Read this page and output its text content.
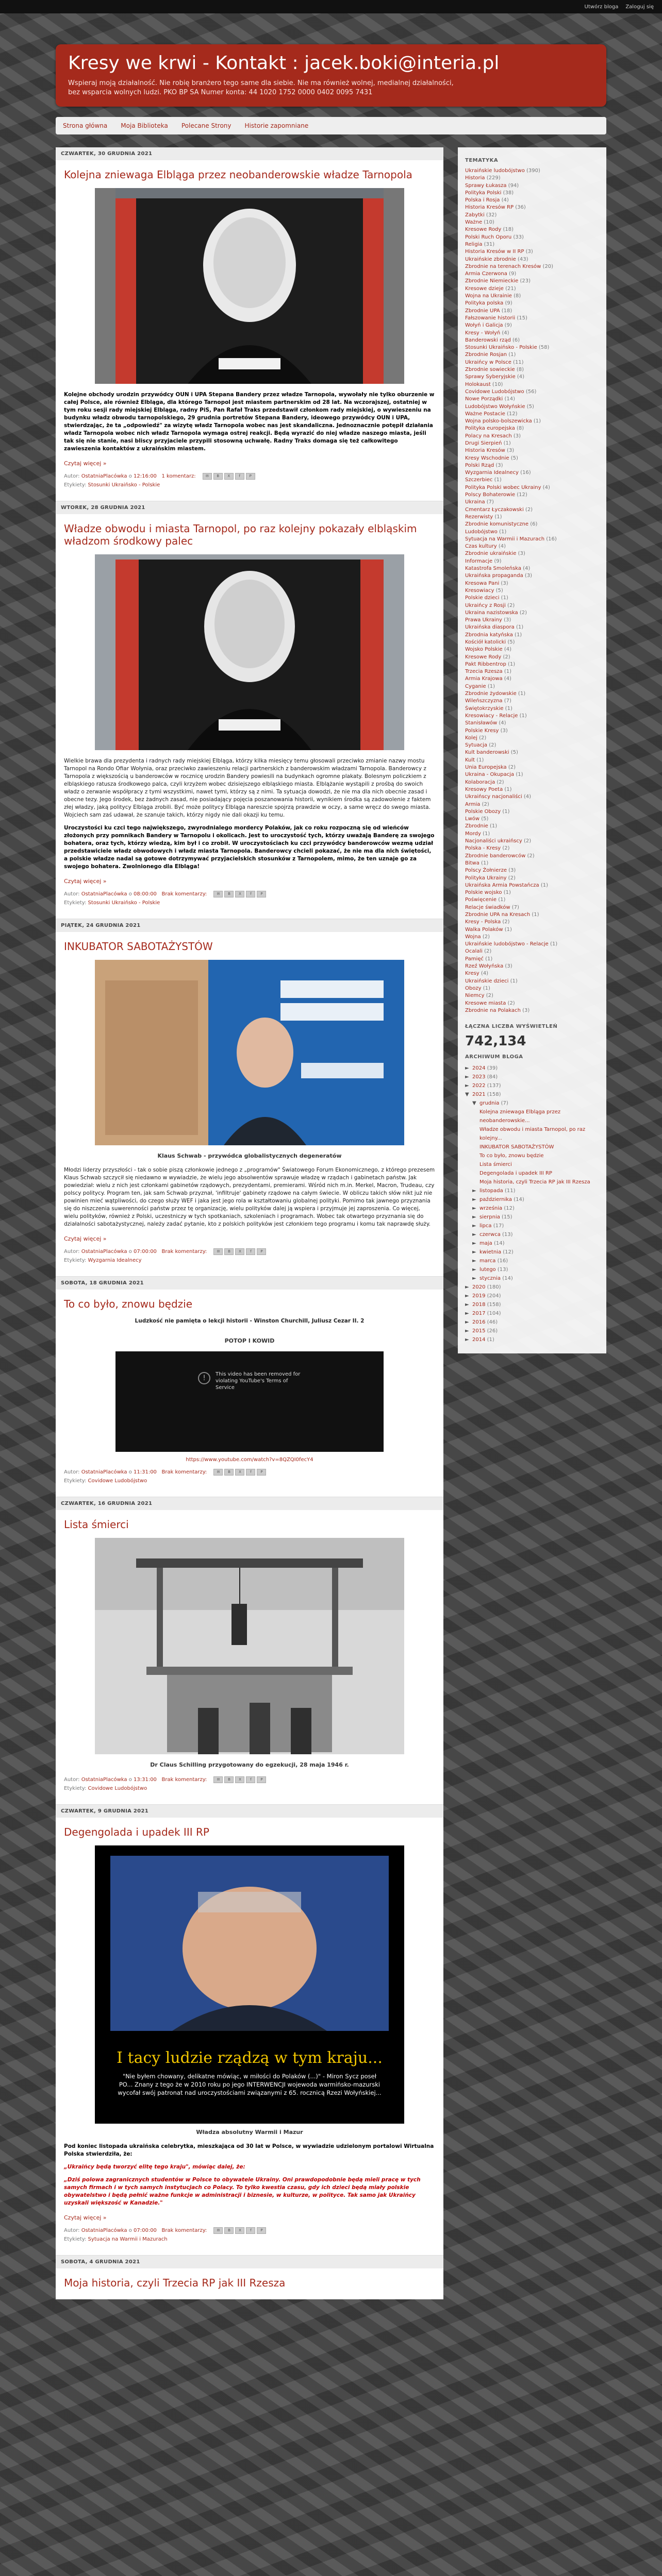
Utwórz bloga Zaloguj się
Kresy we krwi - Kontakt : jacek.boki@interia.pl

Wspieraj moją działalność. Nie robię branżero tego same dla siebie. Nie ma również wolnej, medialnej działalności,

bez wsparcia wolnych ludzi. PKO BP SA Numer konta: 44 1020 1752 0000 0402 0095 7431

Strona główna Moja Biblioteka Polecane Strony Historie zapomniane
CZWARTEK, 30 GRUDNIA 2021
Kolejna zniewaga Elbląga przez neobanderowskie władze Tarnopola
Kolejne obchody urodzin przywódcy OUN i UPA Stepana Bandery przez władze Tarnopola, wywołały nie tylko oburzenie w całej Polsce, ale również Elbląga, dla którego Tarnopol jest miastem partnerskim od 28 lat. Na wczorajszej, ostatniej w tym roku sesji rady miejskiej Elbląga, radny PiS, Pan Rafał Traks przedstawił członkom rady miejskiej, o wywieszeniu na budynku władz obwodu tarnopolskiego, 29 grudnia portretów Stepana Bandery, ideowego przywódcy OUN i UPA, stwierdzając, że ta „odpowiedź" za wizytę władz Tarnopola wobec nas jest skandaliczna. Jednoznacznie potępił działania władz Tarnopola wobec nich władz Tarnopola wymaga ostrej reakcji. Będą wyrazić do niej władze naszego miasta, jeśli tak się nie stanie, nasi bliscy przyjaciele przypili stosowną uchwałę. Radny Traks domaga się też całkowitego zawieszenia kontaktów z ukraińskim miastem.
Czytaj więcej »
Autor: OstatniaPlacówka o 12:16:00 1 komentarz:	✉	B	X	f	P
Etykiety: Stosunki Ukraińsko - Polskie
WTOREK, 28 GRUDNIA 2021
Władze obwodu i miasta Tarnopol, po raz kolejny pokazały elbląskim władzom środkowy palec

Wielkie brawa dla prezydenta i radnych rady miejskiej Elbląga, którzy kilka miesięcy temu głosowali przeciwko zmianie nazwy mostu Tarnopol na Rondo Ofiar Wołynia, oraz przeciwko zawieszeniu relacji partnerskich z banderowskim władzami Tarnopola. Banderowcy z Tarnopola z większością u banderowców w rocznicę urodzin Bandery powiesili na budynkach ogromne plakaty. Bolesnym policzkiem z elbląskiego ratusza środkowego palca, czyli krzyżem wobec dzisiejszego elbląskiego miasta. Elblążanie wystąpili z prośbą do swoich władz o zerwanie współpracy z tymi wszystkimi, nawet tymi, którzy są z nimi. Ta sytuacja dowodzi, że nie ma dla nich obecnie zasad i obecne tezy. Jego środek, bez żadnych zasad, nie posiadający pojęcia poszanowania historii, wynikiem środka są zadowolenie z faktem złej władzy, jaką politycy Elbląga zrobili. Być może politycy Elbląga nareszcie spojrzą prawdzie w oczy, a same wręcz do swego miasta. Wojciech sam zaś udawał, że szanuje takich, którzy nigdy nie dali okazji ku temu.

Uroczystości ku czci tego największego, zwyrodnialego mordercy Polaków, jak co roku rozpoczną się od wieńców złożonych przy pomnikach Bandery w Tarnopolu i okolicach. Jest to uroczystość tych, którzy uważają Banderę za swojego bohatera, oraz tych, którzy wiedzą, kim był i co zrobił. W uroczystościach ku czci przywódcy banderowców wezmą udział przedstawiciele władz obwodowych i władz miasta Tarnopola. Banderowcy chcieli pokazać, że nie ma dla nich świętości, a polskie władze nadal są gotowe dotrzymywać przyjacielskich stosunków z Tarnopolem, mimo, że ten uznaje go za swojego bohatera. Zwolnionego dla Elbląga!

Czytaj więcej »
Autor: OstatniaPlacówka o 08:00:00 Brak komentarzy:	✉	B	X	f	P
Etykiety: Stosunki Ukraińsko - Polskie
PIĄTEK, 24 GRUDNIA 2021
INKUBATOR SABOTAŻYSTÓW
Klaus Schwab - przywódca globalistycznych degeneratów
Młodzi liderzy przyszłości - tak o sobie piszą członkowie jednego z „programów" Światowego Forum Ekonomicznego, z którego prezesem Klaus Schwab szczycił się niedawno w wywiadzie, że wielu jego absolwentów sprawuje władzę w rządach i gabinetach państw. Jak powiedział: wielu z nich jest członkami gabinetów rządowych, prezydentami, premierami. Wśród nich m.in. Merkel, Macron, Trudeau, czy polscy politycy. Program ten, jak sam Schwab przyznał, 'infiltruje' gabinety rządowe na całym świecie. W obliczu takich słów nikt już nie powinien mieć wątpliwości, do czego służy WEF i jaka jest jego rola w kształtowaniu globalnej polityki. Pomimo tak jawnego przyznania się do niszczenia suwerenności państw przez tę organizację, wielu polityków dalej ją wspiera i przyjmuje jej zaproszenia. Co więcej, wielu polityków, również z Polski, uczestniczy w tych spotkaniach, szkoleniach i programach. Wobec tak otwartego przyznania się do działalności sabotażystycznej, należy zadać pytanie, kto z polskich polityków jest członkiem tego programu i komu tak naprawdę służy.
Czytaj więcej »
Autor: OstatniaPlacówka o 07:00:00 Brak komentarzy:	✉	B	X	f	P
Etykiety: Wyzgarnia Idealnecy
SOBOTA, 18 GRUDNIA 2021
To co było, znowu będzie
Ludzkość nie pamięta o lekcji historii - Winston Churchill, Juliusz Cezar II. 2
POTOP I KOWID
!	This video has been removed for
violating YouTube's Terms of
Service
https://www.youtube.com/watch?v=8QZQI0fecY4
Autor: OstatniaPlacówka o 11:31:00 Brak komentarzy:	✉	B	X	f	P
Etykiety: Covidowe Ludobójstwo
CZWARTEK, 16 GRUDNIA 2021
Lista śmierci
Dr Claus Schilling przygotowany do egzekucji, 28 maja 1946 r.
Autor: OstatniaPlacówka o 13:31:00 Brak komentarzy:	✉	B	X	f	P
Etykiety: Covidowe Ludobójstwo
CZWARTEK, 9 GRUDNIA 2021
Degengolada i upadek III RP
I tacy ludzie rządzą w tym kraju...
"Nie byłem chowany, delikatne mówiąc, w miłości do Polaków (...)" - Miron Sycz poseł PO... Znany z tego że w 2010 roku po jego INTERWENCJI wojewoda warmińsko-mazurski wycofał swój patronat nad uroczystościami związanymi z 65. rocznicą Rzezi Wołyńskiej...
Władza absolutny Warmii i Mazur

Pod koniec listopada ukraińska celebrytka, mieszkająca od 30 lat w Polsce, w wywiadzie udzielonym portalowi Wirtualna Polska stwierdziła, że:

„Ukraińcy będą tworzyć elitę tego kraju", mówiąc dalej, że:

„Dziś polowa zagranicznych studentów w Polsce to obywatele Ukrainy. Oni prawdopodobnie będą mieli pracę w tych samych firmach i w tych samych instytucjach co Polacy. To tylko kwestia czasu, gdy ich dzieci będą miały polskie obywatelstwo i będą pełnić ważne funkcje w administracji i biznesie, w kulturze, w polityce. Tak samo jak Ukraińcy uzyskali większość w Kanadzie."

Czytaj więcej »
Autor: OstatniaPlacówka o 07:00:00 Brak komentarzy:	✉	B	X	f	P
Etykiety: Sytuacja na Warmii i Mazurach
SOBOTA, 4 GRUDNIA 2021
Moja historia, czyli Trzecia RP jak III Rzesza
TEMATYKA
Ukraińskie ludobójstwo (390)
Historia (229)
Sprawy Łukasza (94)
Polityka Polski (38)
Polska i Rosja (4)
Historia Kresów RP (36)
Zabytki (32)
Ważne (10)
Kresowe Rody (18)
Polski Ruch Oporu (33)
Religia (31)
Historia Kresów w II RP (3)
Ukraińskie zbrodnie (43)
Zbrodnie na terenach Kresów (20)
Armia Czerwona (9)
Zbrodnie Niemieckie (23)
Kresowe dzieje (21)
Wojna na Ukrainie (8)
Polityka polska (9)
Zbrodnie UPA (18)
Fałszowanie historii (15)
Wołyń i Galicja (9)
Kresy - Wołyń (4)
Banderowski rząd (6)
Stosunki Ukraińsko - Polskie (58)
Zbrodnie Rosjan (1)
Ukraińcy w Polsce (11)
Zbrodnie sowieckie (8)
Sprawy Syberyjskie (4)
Holokaust (10)
Covidowe Ludobójstwo (56)
Nowe Porządki (14)
Ludobójstwo Wołyńskie (5)
Ważne Postacie (12)
Wojna polsko-bolszewicka (1)
Polityka europejska (8)
Polacy na Kresach (3)
Drugi Sierpień (1)
Historia Kresów (3)
Kresy Wschodnie (5)
Polski Rząd (3)
Wyzgarnia Idealnecy (16)
Szczerbiec (1)
Polityka Polski wobec Ukrainy (4)
Polscy Bohaterowie (12)
Ukraina (7)
Cmentarz Łyczakowski (2)
Rezerwisty (1)
Zbrodnie komunistyczne (6)
Ludobójstwo (1)
Sytuacja na Warmii i Mazurach (16)
Czas kultury (4)
Zbrodnie ukraińskie (3)
Informacje (9)
Katastrofa Smoleńska (4)
Ukraińska propaganda (3)
Kresowa Pani (3)
Kresowiacy (5)
Polskie dzieci (1)
Ukraińcy z Rosji (2)
Ukraina nazistowska (2)
Prawa Ukrainy (3)
Ukraińska diaspora (1)
Zbrodnia katyńska (1)
Kościół katolicki (5)
Wojsko Polskie (4)
Kresowe Rody (2)
Pakt Ribbentrop (1)
Trzecia Rzesza (1)
Armia Krajowa (4)
Cyganie (1)
Zbrodnie żydowskie (1)
Wileńszczyzna (7)
Świętokrzyskie (1)
Kresowiacy - Relacje (1)
Stanisławów (4)
Polskie Kresy (3)
Kolej (2)
Sytuacja (2)
Kult banderowski (5)
Kult (1)
Unia Europejska (2)
Ukraina - Okupacja (1)
Kolaboracja (2)
Kresowy Poeta (1)
Ukraińscy nacjonaliści (4)
Armia (2)
Polskie Obozy (1)
Lwów (5)
Zbrodnie (1)
Mordy (1)
Nacjonaliści ukraińscy (2)
Polska - Kresy (2)
Zbrodnie banderowców (2)
Bitwa (1)
Polscy Żołnierze (3)
Polityka Ukrainy (2)
Ukraińska Armia Powstańcza (1)
Polskie wojsko (1)
Poświęcenie (1)
Relacje świadków (7)
Zbrodnie UPA na Kresach (1)
Kresy - Polska (2)
Walka Polaków (1)
Wojna (2)
Ukraińskie ludobójstwo - Relacje (1)
Ocalali (2)
Pamięć (1)
Rzeź Wołyńska (3)
Kresy (4)
Ukraińskie dzieci (1)
Obozy (1)
Niemcy (2)
Kresowe miasta (2)
Zbrodnie na Polakach (3)
ŁĄCZNA LICZBA WYŚWIETLEŃ
742,134
ARCHIWUM BLOGA
► 2024 (39)
► 2023 (84)
► 2022 (137)
▼ 2021 (158)
▼ grudnia (7)
Kolejna zniewaga Elbląga przez neobanderowskie...
Władze obwodu i miasta Tarnopol, po raz kolejny...
INKUBATOR SABOTAŻYSTÓW
To co było, znowu będzie
Lista śmierci
Degengolada i upadek III RP
Moja historia, czyli Trzecia RP jak III Rzesza
► listopada (11)
► października (14)
► września (12)
► sierpnia (15)
► lipca (17)
► czerwca (13)
► maja (14)
► kwietnia (12)
► marca (16)
► lutego (13)
► stycznia (14)
► 2020 (180)
► 2019 (204)
► 2018 (158)
► 2017 (104)
► 2016 (46)
► 2015 (26)
► 2014 (1)
